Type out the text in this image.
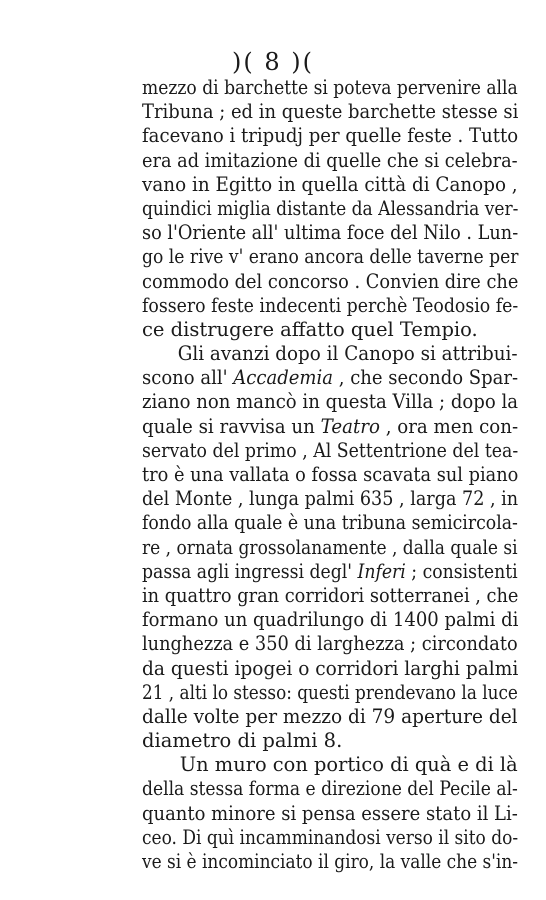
)( 8 )(
mezzo di barchette si poteva pervenire alla
Tribuna ; ed in queste barchette stesse si
facevano i tripudj per quelle feste . Tutto
era ad imitazione di quelle che si celebra-
vano in Egitto in quella città di Canopo ,
quindici miglia distante da Alessandria ver-
so l'Oriente all' ultima foce del Nilo . Lun-
go le rive v' erano ancora delle taverne per
commodo del concorso . Convien dire che
fossero feste indecenti perchè Teodosio fe-
ce distrugere affatto quel Tempio.
Gli avanzi dopo il Canopo si attribui-
scono all' Accademia , che secondo Spar-
ziano non mancò in questa Villa ; dopo la
quale si ravvisa un Teatro , ora men con-
servato del primo , Al Settentrione del tea-
tro è una vallata o fossa scavata sul piano
del Monte , lunga palmi 635 , larga 72 , in
fondo alla quale è una tribuna semicircola-
re , ornata grossolanamente , dalla quale si
passa agli ingressi degl' Inferi ; consistenti
in quattro gran corridori sotterranei , che
formano un quadrilungo di 1400 palmi di
lunghezza e 350 di larghezza ; circondato
da questi ipogei o corridori larghi palmi
21 , alti lo stesso: questi prendevano la luce
dalle volte per mezzo di 79 aperture del
diametro di palmi 8.
Un muro con portico di quà e di là
della stessa forma e direzione del Pecile al-
quanto minore si pensa essere stato il Li-
ceo. Di quì incamminandosi verso il sito do-
ve si è incominciato il giro, la valle che s'in-
